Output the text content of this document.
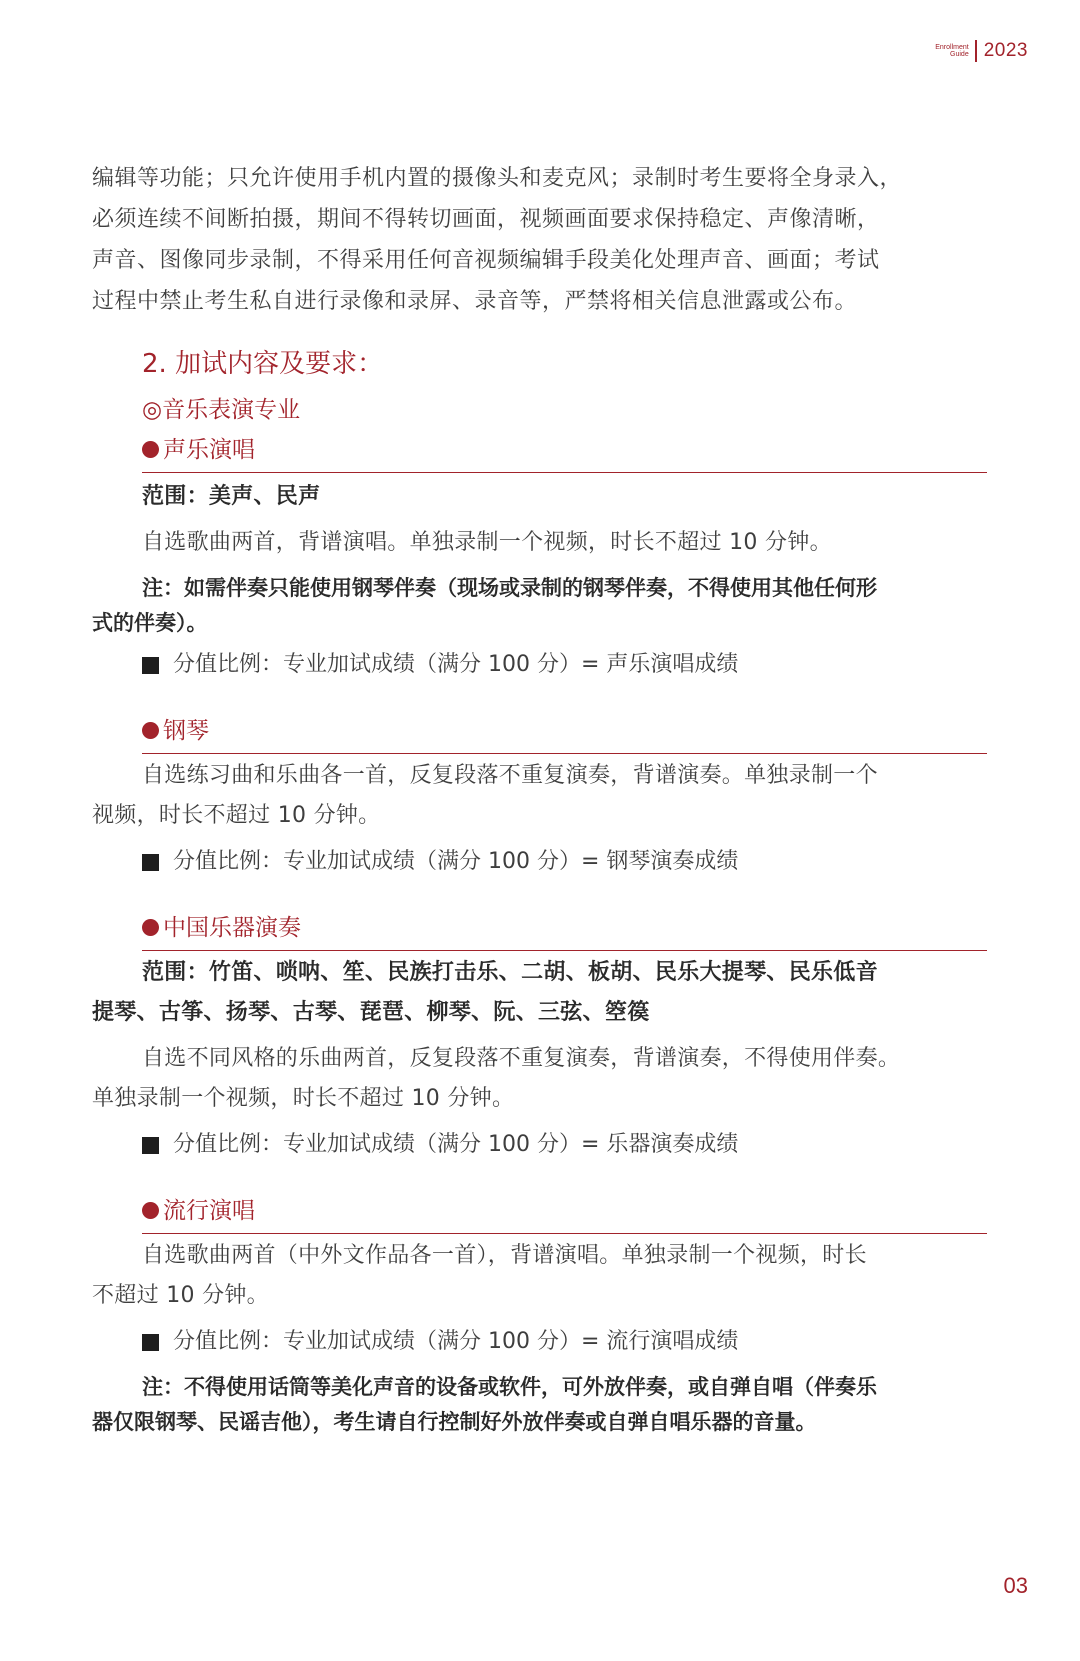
Enrollment
Guide 2023

编辑等功能；只允许使用手机内置的摄像头和麦克风；录制时考生要将全身录入，

必须连续不间断拍摄，期间不得转切画面，视频画面要求保持稳定、声像清晰，

声音、图像同步录制，不得采用任何音视频编辑手段美化处理声音、画面；考试

过程中禁止考生私自进行录像和录屏、录音等，严禁将相关信息泄露或公布。

2. 加试内容及要求：
◎音乐表演专业
声乐演唱
范围：美声、民声
自选歌曲两首，背谱演唱。单独录制一个视频，时长不超过 10 分钟。

注：如需伴奏只能使用钢琴伴奏（现场或录制的钢琴伴奏，不得使用其他任何形

式的伴奏）。

分值比例：专业加试成绩（满分 100 分）= 声乐演唱成绩
钢琴

自选练习曲和乐曲各一首，反复段落不重复演奏，背谱演奏。单独录制一个

视频，时长不超过 10 分钟。

分值比例：专业加试成绩（满分 100 分）= 钢琴演奏成绩
中国乐器演奏

范围：竹笛、唢呐、笙、民族打击乐、二胡、板胡、民乐大提琴、民乐低音

提琴、古筝、扬琴、古琴、琵琶、柳琴、阮、三弦、箜篌

自选不同风格的乐曲两首，反复段落不重复演奏，背谱演奏，不得使用伴奏。

单独录制一个视频，时长不超过 10 分钟。

分值比例：专业加试成绩（满分 100 分）= 乐器演奏成绩
流行演唱

自选歌曲两首（中外文作品各一首），背谱演唱。单独录制一个视频，时长

不超过 10 分钟。

分值比例：专业加试成绩（满分 100 分）= 流行演唱成绩

注：不得使用话筒等美化声音的设备或软件，可外放伴奏，或自弹自唱（伴奏乐

器仅限钢琴、民谣吉他），考生请自行控制好外放伴奏或自弹自唱乐器的音量。

03
